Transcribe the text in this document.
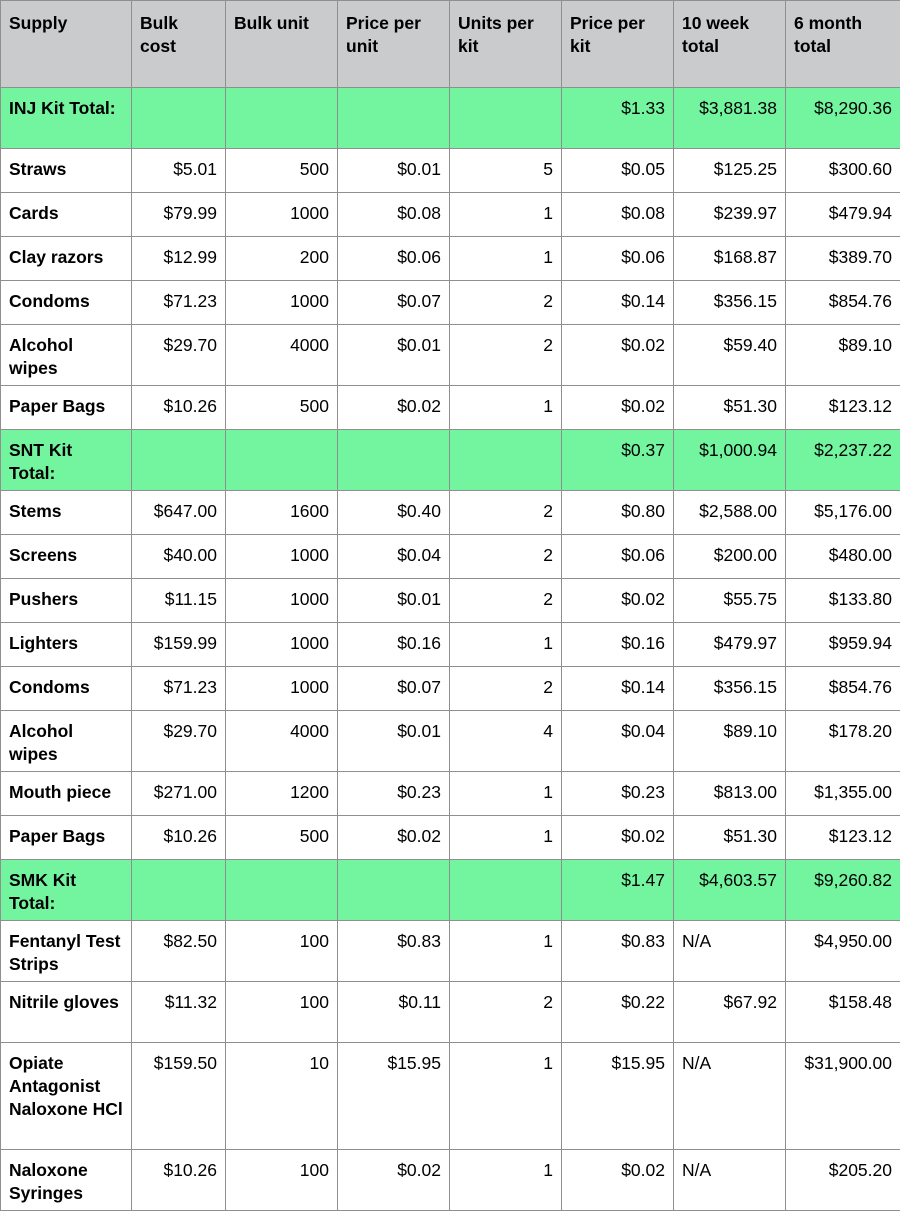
Supply	Bulk cost	Bulk unit	Price per unit	Units per kit	Price per kit	10 week total	6 month total
INJ Kit Total:					$1.33	$3,881.38	$8,290.36
Straws	$5.01	500	$0.01	5	$0.05	$125.25	$300.60
Cards	$79.99	1000	$0.08	1	$0.08	$239.97	$479.94
Clay razors	$12.99	200	$0.06	1	$0.06	$168.87	$389.70
Condoms	$71.23	1000	$0.07	2	$0.14	$356.15	$854.76
Alcohol wipes	$29.70	4000	$0.01	2	$0.02	$59.40	$89.10
Paper Bags	$10.26	500	$0.02	1	$0.02	$51.30	$123.12
SNT Kit Total:					$0.37	$1,000.94	$2,237.22
Stems	$647.00	1600	$0.40	2	$0.80	$2,588.00	$5,176.00
Screens	$40.00	1000	$0.04	2	$0.06	$200.00	$480.00
Pushers	$11.15	1000	$0.01	2	$0.02	$55.75	$133.80
Lighters	$159.99	1000	$0.16	1	$0.16	$479.97	$959.94
Condoms	$71.23	1000	$0.07	2	$0.14	$356.15	$854.76
Alcohol wipes	$29.70	4000	$0.01	4	$0.04	$89.10	$178.20
Mouth piece	$271.00	1200	$0.23	1	$0.23	$813.00	$1,355.00
Paper Bags	$10.26	500	$0.02	1	$0.02	$51.30	$123.12
SMK Kit Total:					$1.47	$4,603.57	$9,260.82
Fentanyl Test Strips	$82.50	100	$0.83	1	$0.83	N/A	$4,950.00
Nitrile gloves	$11.32	100	$0.11	2	$0.22	$67.92	$158.48
Opiate Antagonist Naloxone HCl	$159.50	10	$15.95	1	$15.95	N/A	$31,900.00
Naloxone Syringes	$10.26	100	$0.02	1	$0.02	N/A	$205.20
